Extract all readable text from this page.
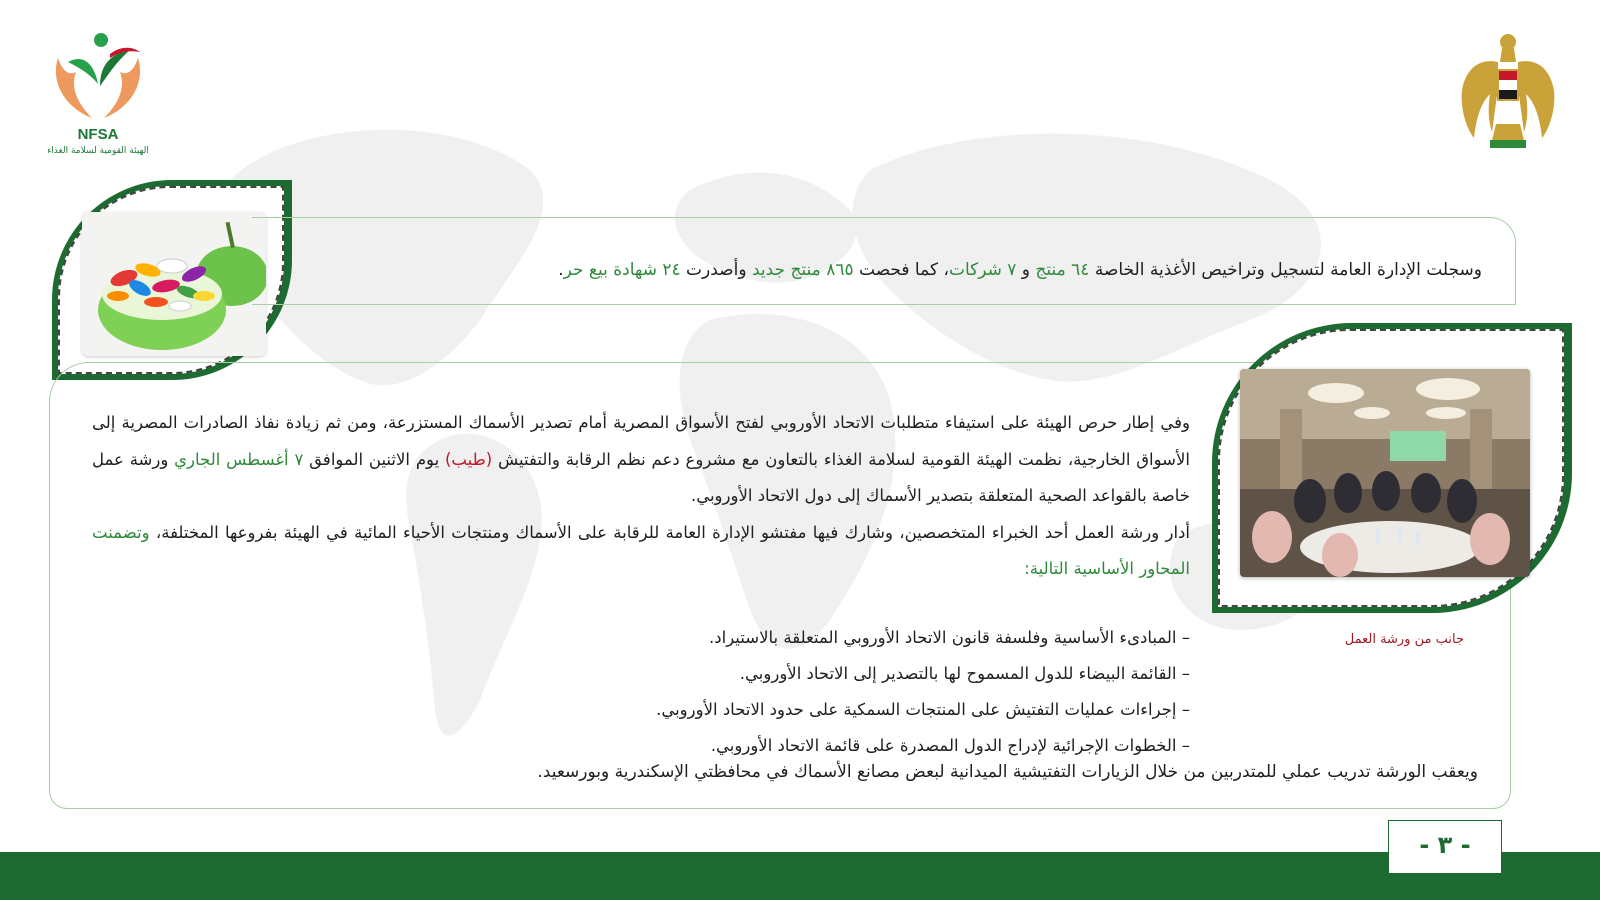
NFSA
الهيئة القومية لسلامة الغذاء
وسجلت الإدارة العامة لتسجيل وتراخيص الأغذية الخاصة ٦٤ منتج و ٧ شركات، كما فحصت ٨٦٥ منتج جديد وأصدرت ٢٤ شهادة بيع حر.
جانب من ورشة العمل

وفي إطار حرص الهيئة على استيفاء متطلبات الاتحاد الأوروبي لفتح الأسواق المصرية أمام تصدير الأسماك المستزرعة، ومن ثم زيادة نفاذ الصادرات المصرية إلى الأسواق الخارجية، نظمت الهيئة القومية لسلامة الغذاء بالتعاون مع مشروع دعم نظم الرقابة والتفتيش (طيب) يوم الاثنين الموافق ٧ أغسطس الجاري ورشة عمل خاصة بالقواعد الصحية المتعلقة بتصدير الأسماك إلى دول الاتحاد الأوروبي.

أدار ورشة العمل أحد الخبراء المتخصصين، وشارك فيها مفتشو الإدارة العامة للرقابة على الأسماك ومنتجات الأحياء المائية في الهيئة بفروعها المختلفة، وتضمنت المحاور الأساسية التالية:

– المبادىء الأساسية وفلسفة قانون الاتحاد الأوروبي المتعلقة بالاستيراد.
– القائمة البيضاء للدول المسموح لها بالتصدير إلى الاتحاد الأوروبي.
– إجراءات عمليات التفتيش على المنتجات السمكية على حدود الاتحاد الأوروبي.
– الخطوات الإجرائية لإدراج الدول المصدرة على قائمة الاتحاد الأوروبي.
ويعقب الورشة تدريب عملي للمتدربين من خلال الزيارات التفتيشية الميدانية لبعض مصانع الأسماك في محافظتي الإسكندرية وبورسعيد.
- ٣ -
